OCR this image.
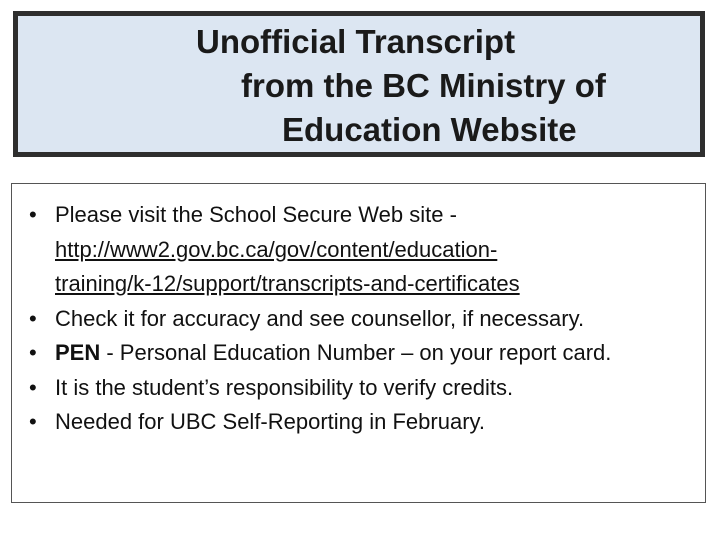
Unofficial Transcript
from the BC Ministry of
Education Website
• Please visit the School Secure Web site -
http://www2.gov.bc.ca/gov/content/education-
training/k-12/support/transcripts-and-certificates
• Check it for accuracy and see counsellor, if necessary.
• PEN - Personal Education Number – on your report card.
• It is the student’s responsibility to verify credits.
• Needed for UBC Self-Reporting in February.
